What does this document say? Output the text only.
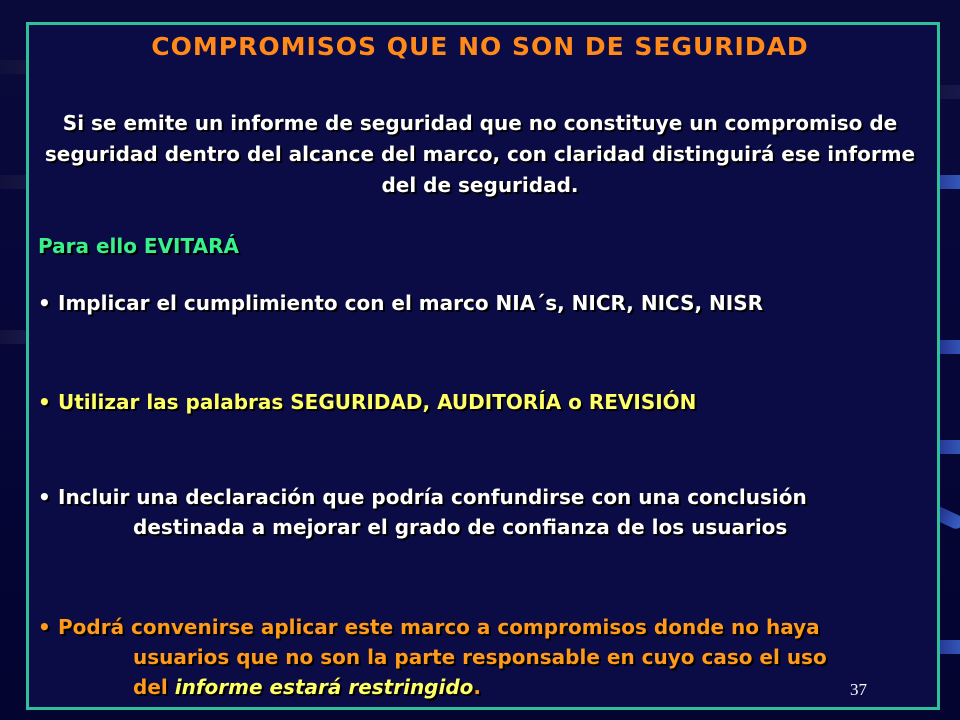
COMPROMISOS QUE NO SON DE SEGURIDAD
Si se emite un informe de seguridad que no constituye un compromiso de seguridad dentro del alcance del marco, con claridad distinguirá ese informe del de seguridad.
Para ello EVITARÁ
• Implicar el cumplimiento con el marco NIA´s, NICR, NICS, NISR
• Utilizar las palabras SEGURIDAD, AUDITORÍA o REVISIÓN
• Incluir una declaración que podría confundirse con una conclusión
destinada a mejorar el grado de confianza de los usuarios
• Podrá convenirse aplicar este marco a compromisos donde no haya
usuarios que no son la parte responsable en cuyo caso el uso
del informe estará restringido.	37
